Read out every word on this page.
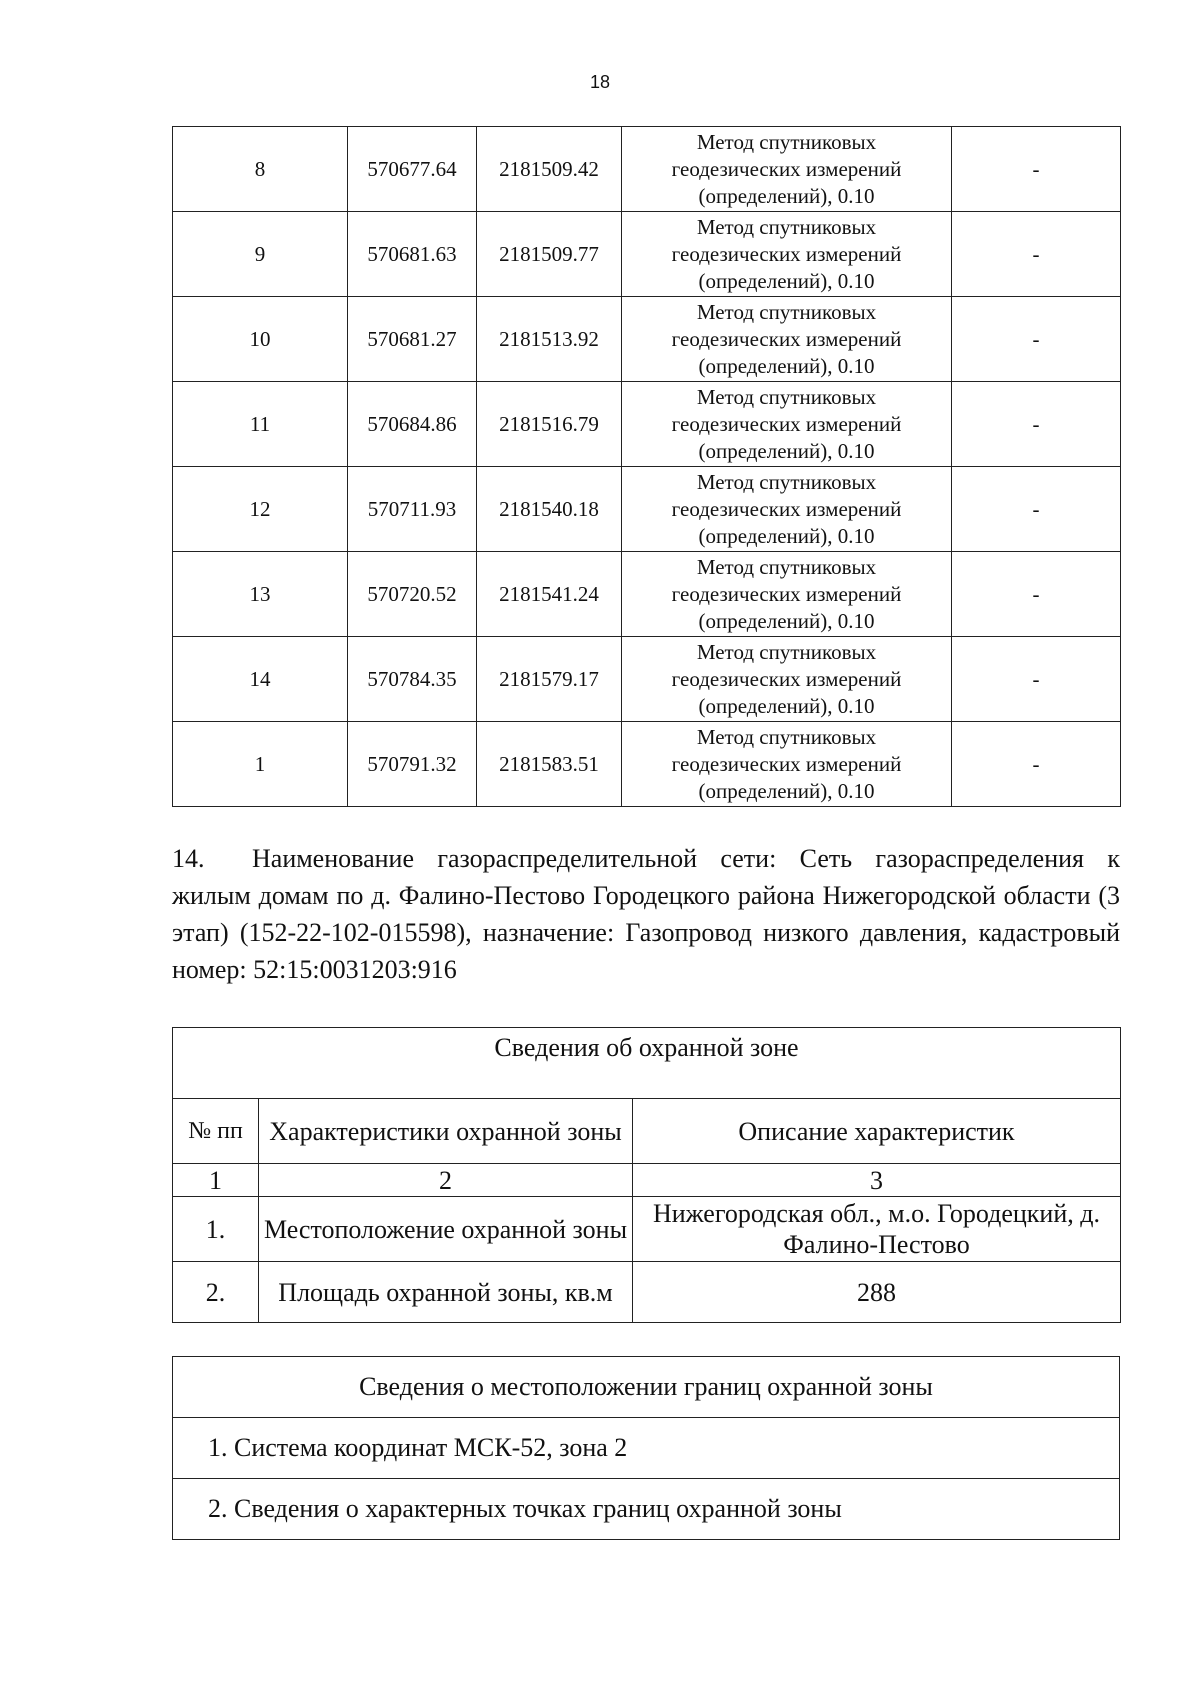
18
8	570677.64	2181509.42	Метод спутниковых
геодезических измерений
(определений), 0.10	-
9	570681.63	2181509.77	Метод спутниковых
геодезических измерений
(определений), 0.10	-
10	570681.27	2181513.92	Метод спутниковых
геодезических измерений
(определений), 0.10	-
11	570684.86	2181516.79	Метод спутниковых
геодезических измерений
(определений), 0.10	-
12	570711.93	2181540.18	Метод спутниковых
геодезических измерений
(определений), 0.10	-
13	570720.52	2181541.24	Метод спутниковых
геодезических измерений
(определений), 0.10	-
14	570784.35	2181579.17	Метод спутниковых
геодезических измерений
(определений), 0.10	-
1	570791.32	2181583.51	Метод спутниковых
геодезических измерений
(определений), 0.10	-
14. Наименование газораспределительной сети: Сеть газораспределения к жилым домам по д. Фалино-Пестово Городецкого района Нижегородской области (3 этап) (152-22-102-015598), назначение: Газопровод низкого давления, кадастровый номер: 52:15:0031203:916
Сведения об охранной зоне		
№ пп	Характеристики охранной зоны	Описание характеристик
1	2	3
1.	Местоположение охранной зоны	Нижегородская обл., м.о. Городецкий, д. Фалино-Пестово
2.	Площадь охранной зоны, кв.м	288
Сведения о местоположении границ охранной зоны
1. Система координат МСК-52, зона 2
2. Сведения о характерных точках границ охранной зоны
